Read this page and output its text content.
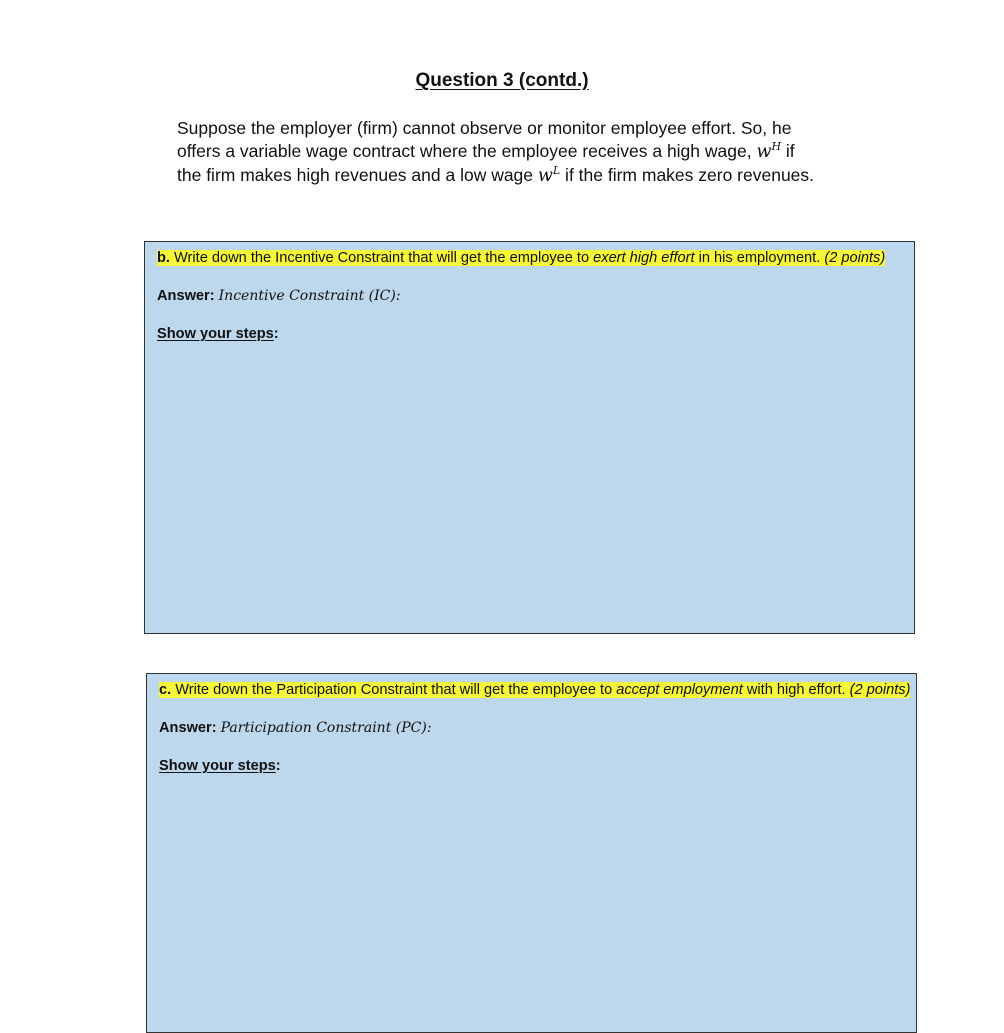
Question 3 (contd.)

Suppose the employer (firm) cannot observe or monitor employee effort. So, he offers a variable wage contract where the employee receives a high wage, $w^H$ if the firm makes high revenues and a low wage $w^L$ if the firm makes zero revenues.

b. Write down the Incentive Constraint that will get the employee to exert high effort in his employment. (2 points)

Answer: Incentive Constraint (IC):

Show your steps:

c. Write down the Participation Constraint that will get the employee to accept employment with high effort. (2 points)

Answer: Participation Constraint (PC):

Show your steps:
